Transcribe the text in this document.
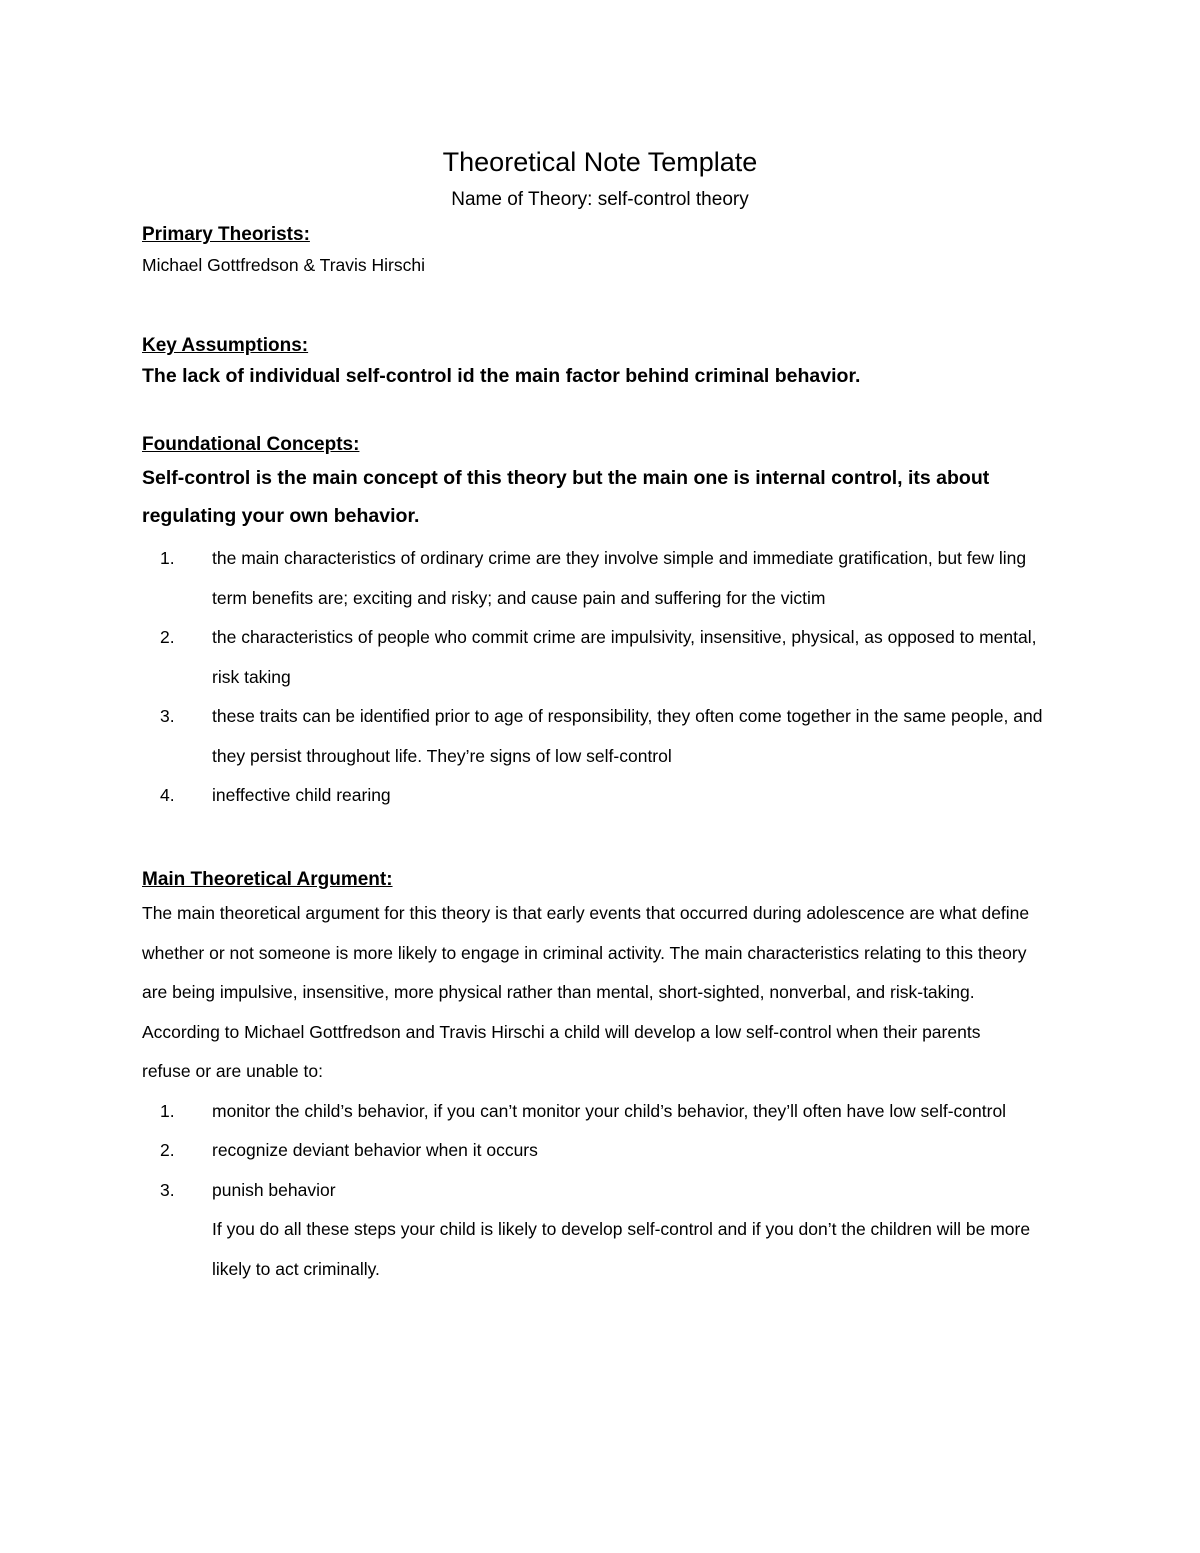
Theoretical Note Template
Name of Theory: self-control theory

Primary Theorists:

Michael Gottfredson & Travis Hirschi

Key Assumptions:

The lack of individual self-control id the main factor behind criminal behavior.

Foundational Concepts:

Self-control is the main concept of this theory but the main one is internal control, its about regulating your own behavior.

1. the main characteristics of ordinary crime are they involve simple and immediate gratification, but few ling term benefits are; exciting and risky; and cause pain and suffering for the victim
2. the characteristics of people who commit crime are impulsivity, insensitive, physical, as opposed to mental, risk taking
3. these traits can be identified prior to age of responsibility, they often come together in the same people, and they persist throughout life. They’re signs of low self-control
4. ineffective child rearing

Main Theoretical Argument:

The main theoretical argument for this theory is that early events that occurred during adolescence are what define whether or not someone is more likely to engage in criminal activity. The main characteristics relating to this theory are being impulsive, insensitive, more physical rather than mental, short-sighted, nonverbal, and risk-taking.

According to Michael Gottfredson and Travis Hirschi a child will develop a low self-control when their parents refuse or are unable to:

1. monitor the child’s behavior, if you can’t monitor your child’s behavior, they’ll often have low self-control
2. recognize deviant behavior when it occurs
3. punish behavior

If you do all these steps your child is likely to develop self-control and if you don’t the children will be more likely to act criminally.
